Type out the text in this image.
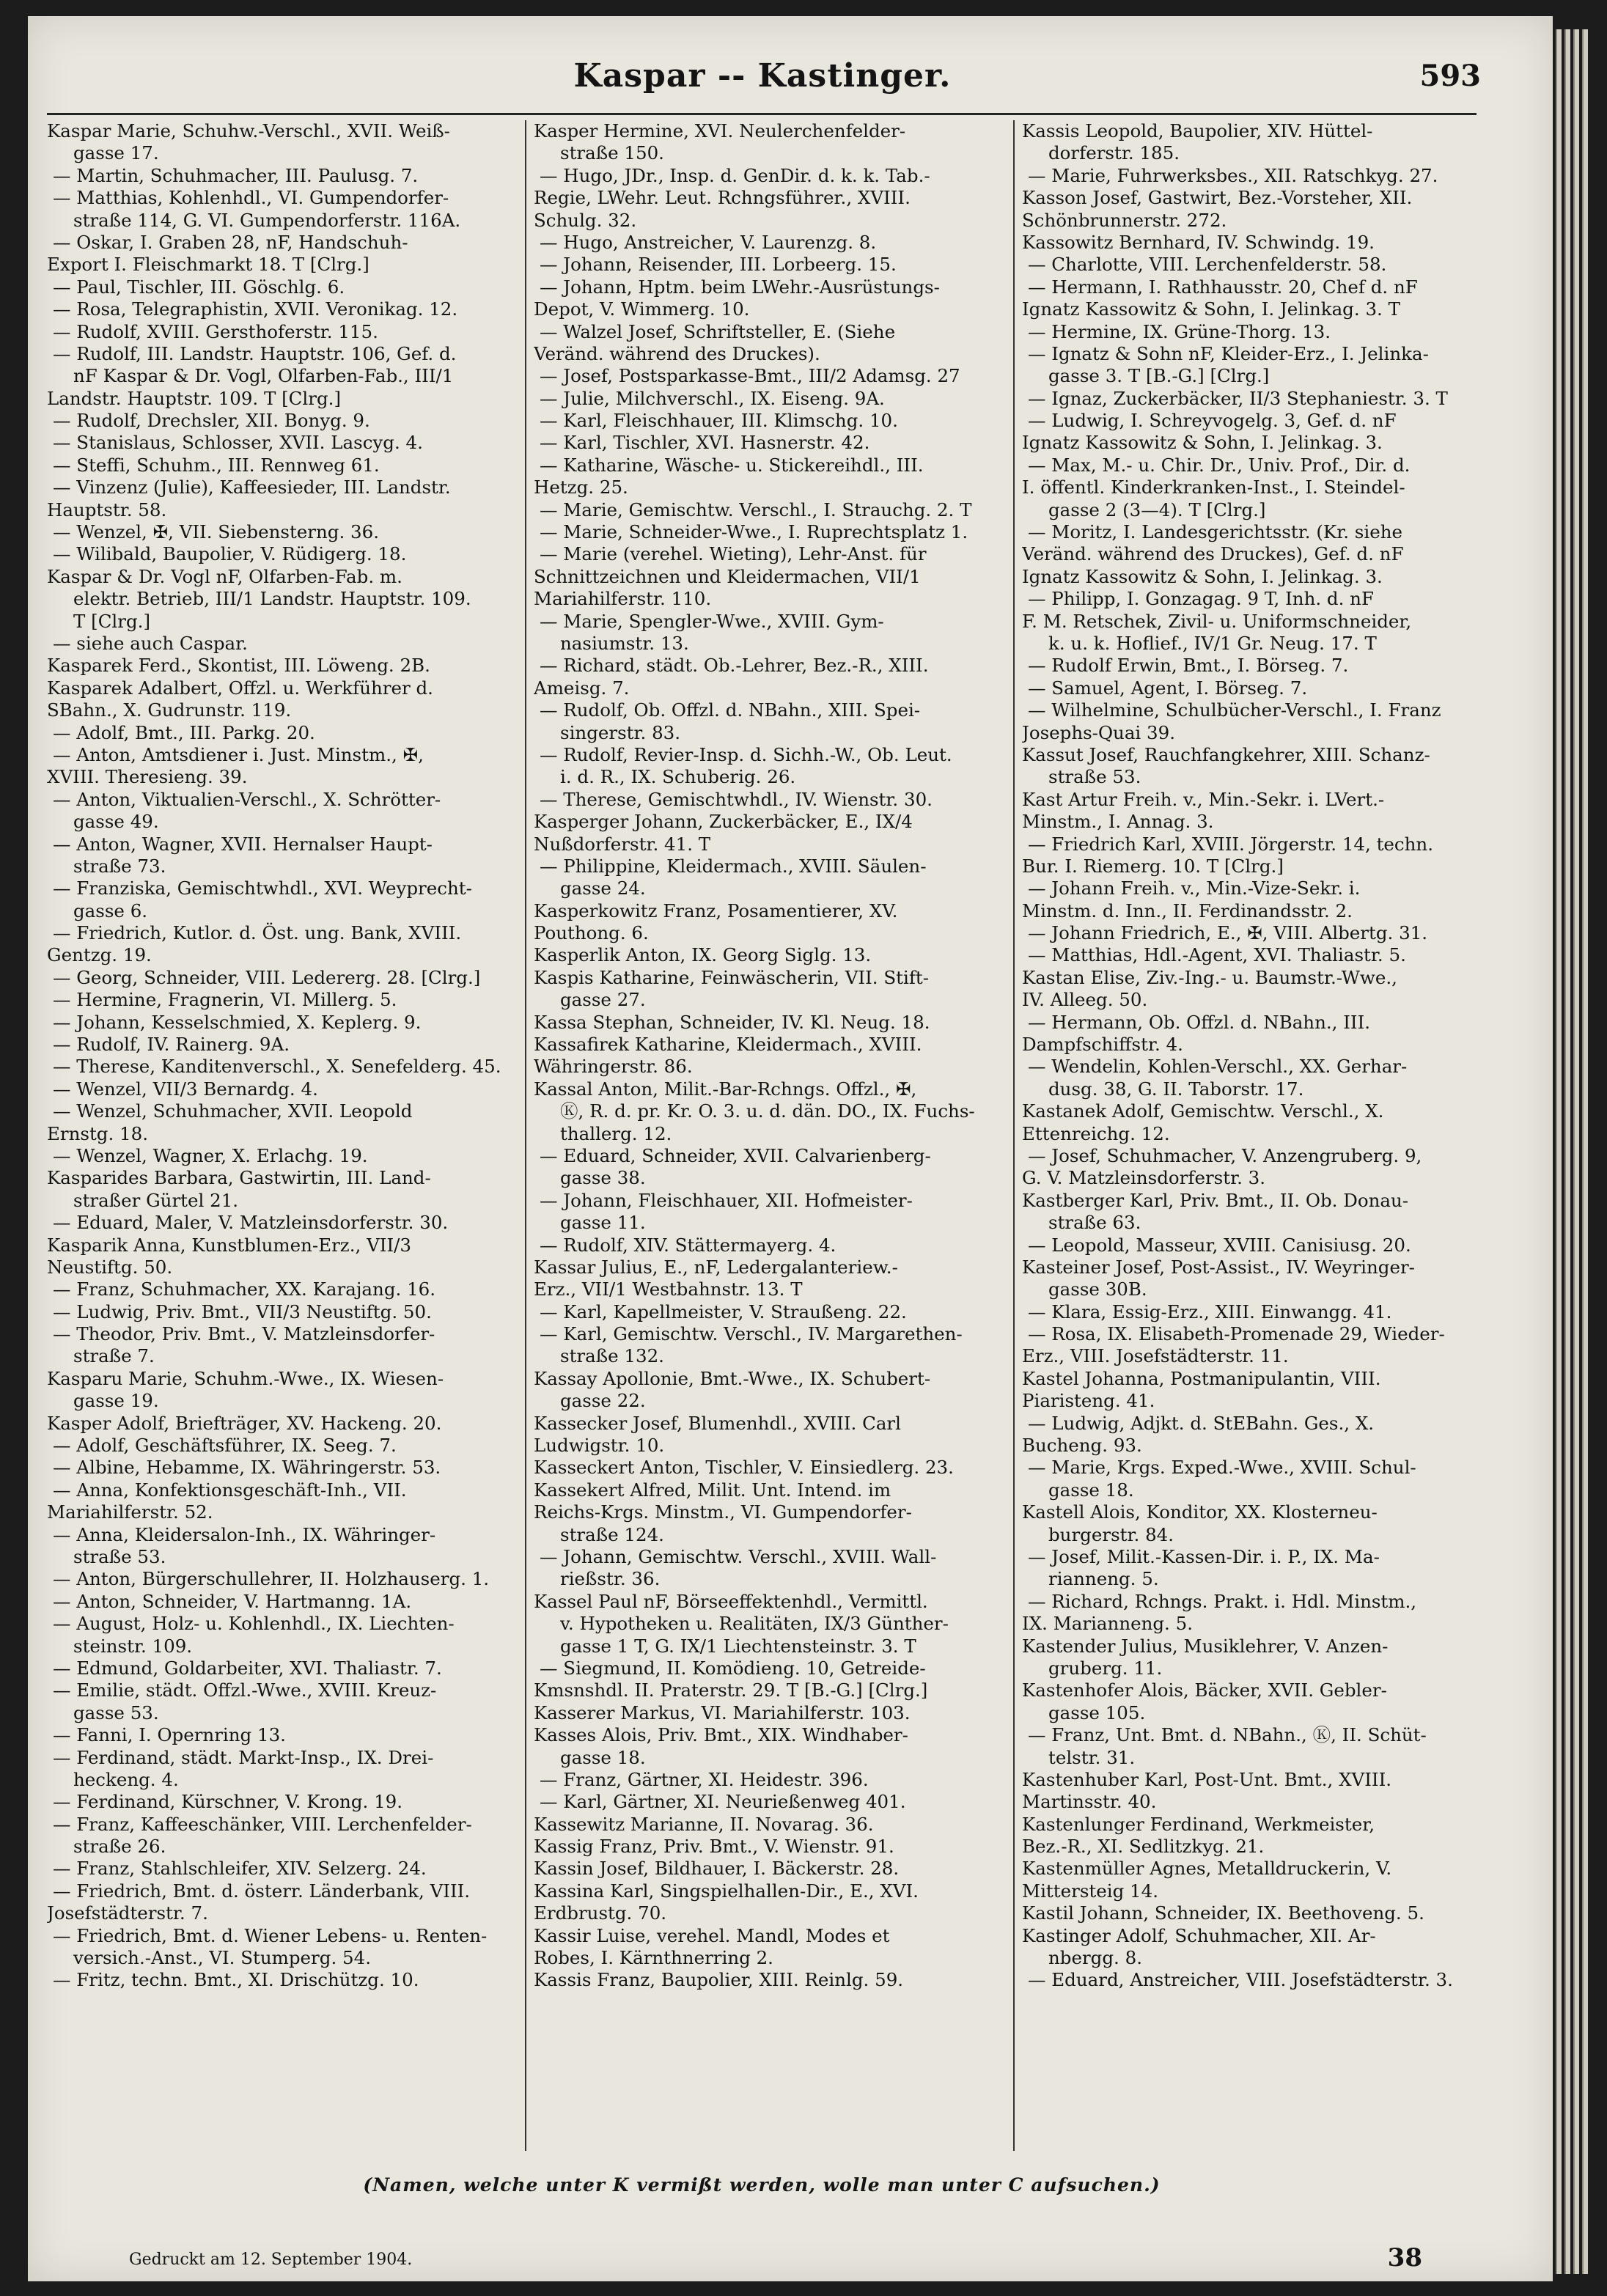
Kaspar -- Kastinger.	593
Kaspar Marie, Schuhw.-Verschl., XVII. Weiß-
gasse 17.
— Martin, Schuhmacher, III. Paulusg. 7.
— Matthias, Kohlenhdl., VI. Gumpendorfer-
straße 114, G. VI. Gumpendorferstr. 116A.
— Oskar, I. Graben 28, nF, Handschuh-
Export I. Fleischmarkt 18. T [Clrg.]
— Paul, Tischler, III. Göschlg. 6.
— Rosa, Telegraphistin, XVII. Veronikag. 12.
— Rudolf, XVIII. Gersthoferstr. 115.
— Rudolf, III. Landstr. Hauptstr. 106, Gef. d.
nF Kaspar & Dr. Vogl, Olfarben-Fab., III/1
Landstr. Hauptstr. 109. T [Clrg.]
— Rudolf, Drechsler, XII. Bonyg. 9.
— Stanislaus, Schlosser, XVII. Lascyg. 4.
— Steffi, Schuhm., III. Rennweg 61.
— Vinzenz (Julie), Kaffeesieder, III. Landstr.
Hauptstr. 58.
— Wenzel, ✠, VII. Siebensterng. 36.
— Wilibald, Baupolier, V. Rüdigerg. 18.
Kaspar & Dr. Vogl nF, Olfarben-Fab. m.
elektr. Betrieb, III/1 Landstr. Hauptstr. 109.
T [Clrg.]
— siehe auch Caspar.
Kasparek Ferd., Skontist, III. Löweng. 2B.
Kasparek Adalbert, Offzl. u. Werkführer d.
SBahn., X. Gudrunstr. 119.
— Adolf, Bmt., III. Parkg. 20.
— Anton, Amtsdiener i. Just. Minstm., ✠,
XVIII. Theresieng. 39.
— Anton, Viktualien-Verschl., X. Schrötter-
gasse 49.
— Anton, Wagner, XVII. Hernalser Haupt-
straße 73.
— Franziska, Gemischtwhdl., XVI. Weyprecht-
gasse 6.
— Friedrich, Kutlor. d. Öst. ung. Bank, XVIII.
Gentzg. 19.
— Georg, Schneider, VIII. Ledererg. 28. [Clrg.]
— Hermine, Fragnerin, VI. Millerg. 5.
— Johann, Kesselschmied, X. Keplerg. 9.
— Rudolf, IV. Rainerg. 9A.
— Therese, Kanditenverschl., X. Senefelderg. 45.
— Wenzel, VII/3 Bernardg. 4.
— Wenzel, Schuhmacher, XVII. Leopold
Ernstg. 18.
— Wenzel, Wagner, X. Erlachg. 19.
Kasparides Barbara, Gastwirtin, III. Land-
straßer Gürtel 21.
— Eduard, Maler, V. Matzleinsdorferstr. 30.
Kasparik Anna, Kunstblumen-Erz., VII/3
Neustiftg. 50.
— Franz, Schuhmacher, XX. Karajang. 16.
— Ludwig, Priv. Bmt., VII/3 Neustiftg. 50.
— Theodor, Priv. Bmt., V. Matzleinsdorfer-
straße 7.
Kasparu Marie, Schuhm.-Wwe., IX. Wiesen-
gasse 19.
Kasper Adolf, Briefträger, XV. Hackeng. 20.
— Adolf, Geschäftsführer, IX. Seeg. 7.
— Albine, Hebamme, IX. Währingerstr. 53.
— Anna, Konfektionsgeschäft-Inh., VII.
Mariahilferstr. 52.
— Anna, Kleidersalon-Inh., IX. Währinger-
straße 53.
— Anton, Bürgerschullehrer, II. Holzhauserg. 1.
— Anton, Schneider, V. Hartmanng. 1A.
— August, Holz- u. Kohlenhdl., IX. Liechten-
steinstr. 109.
— Edmund, Goldarbeiter, XVI. Thaliastr. 7.
— Emilie, städt. Offzl.-Wwe., XVIII. Kreuz-
gasse 53.
— Fanni, I. Opernring 13.
— Ferdinand, städt. Markt-Insp., IX. Drei-
heckeng. 4.
— Ferdinand, Kürschner, V. Krong. 19.
— Franz, Kaffeeschänker, VIII. Lerchenfelder-
straße 26.
— Franz, Stahlschleifer, XIV. Selzerg. 24.
— Friedrich, Bmt. d. österr. Länderbank, VIII.
Josefstädterstr. 7.
— Friedrich, Bmt. d. Wiener Lebens- u. Renten-
versich.-Anst., VI. Stumperg. 54.
— Fritz, techn. Bmt., XI. Drischützg. 10.
Kasper Hermine, XVI. Neulerchenfelder-
straße 150.
— Hugo, JDr., Insp. d. GenDir. d. k. k. Tab.-
Regie, LWehr. Leut. Rchngsführer., XVIII.
Schulg. 32.
— Hugo, Anstreicher, V. Laurenzg. 8.
— Johann, Reisender, III. Lorbeerg. 15.
— Johann, Hptm. beim LWehr.-Ausrüstungs-
Depot, V. Wimmerg. 10.
— Walzel Josef, Schriftsteller, E. (Siehe
Veränd. während des Druckes).
— Josef, Postsparkasse-Bmt., III/2 Adamsg. 27
— Julie, Milchverschl., IX. Eiseng. 9A.
— Karl, Fleischhauer, III. Klimschg. 10.
— Karl, Tischler, XVI. Hasnerstr. 42.
— Katharine, Wäsche- u. Stickereihdl., III.
Hetzg. 25.
— Marie, Gemischtw. Verschl., I. Strauchg. 2. T
— Marie, Schneider-Wwe., I. Ruprechtsplatz 1.
— Marie (verehel. Wieting), Lehr-Anst. für
Schnittzeichnen und Kleidermachen, VII/1
Mariahilferstr. 110.
— Marie, Spengler-Wwe., XVIII. Gym-
nasiumstr. 13.
— Richard, städt. Ob.-Lehrer, Bez.-R., XIII.
Ameisg. 7.
— Rudolf, Ob. Offzl. d. NBahn., XIII. Spei-
singerstr. 83.
— Rudolf, Revier-Insp. d. Sichh.-W., Ob. Leut.
i. d. R., IX. Schuberig. 26.
— Therese, Gemischtwhdl., IV. Wienstr. 30.
Kasperger Johann, Zuckerbäcker, E., IX/4
Nußdorferstr. 41. T
— Philippine, Kleidermach., XVIII. Säulen-
gasse 24.
Kasperkowitz Franz, Posamentierer, XV.
Pouthong. 6.
Kasperlik Anton, IX. Georg Siglg. 13.
Kaspis Katharine, Feinwäscherin, VII. Stift-
gasse 27.
Kassa Stephan, Schneider, IV. Kl. Neug. 18.
Kassafirek Katharine, Kleidermach., XVIII.
Währingerstr. 86.
Kassal Anton, Milit.-Bar-Rchngs. Offzl., ✠,
Ⓚ, R. d. pr. Kr. O. 3. u. d. dän. DO., IX. Fuchs-
thallerg. 12.
— Eduard, Schneider, XVII. Calvarienberg-
gasse 38.
— Johann, Fleischhauer, XII. Hofmeister-
gasse 11.
— Rudolf, XIV. Stättermayerg. 4.
Kassar Julius, E., nF, Ledergalanteriew.-
Erz., VII/1 Westbahnstr. 13. T
— Karl, Kapellmeister, V. Straußeng. 22.
— Karl, Gemischtw. Verschl., IV. Margarethen-
straße 132.
Kassay Apollonie, Bmt.-Wwe., IX. Schubert-
gasse 22.
Kassecker Josef, Blumenhdl., XVIII. Carl
Ludwigstr. 10.
Kasseckert Anton, Tischler, V. Einsiedlerg. 23.
Kassekert Alfred, Milit. Unt. Intend. im
Reichs-Krgs. Minstm., VI. Gumpendorfer-
straße 124.
— Johann, Gemischtw. Verschl., XVIII. Wall-
rießstr. 36.
Kassel Paul nF, Börseeffektenhdl., Vermittl.
v. Hypotheken u. Realitäten, IX/3 Günther-
gasse 1 T, G. IX/1 Liechtensteinstr. 3. T
— Siegmund, II. Komödieng. 10, Getreide-
Kmsnshdl. II. Praterstr. 29. T [B.-G.] [Clrg.]
Kasserer Markus, VI. Mariahilferstr. 103.
Kasses Alois, Priv. Bmt., XIX. Windhaber-
gasse 18.
— Franz, Gärtner, XI. Heidestr. 396.
— Karl, Gärtner, XI. Neurießenweg 401.
Kassewitz Marianne, II. Novarag. 36.
Kassig Franz, Priv. Bmt., V. Wienstr. 91.
Kassin Josef, Bildhauer, I. Bäckerstr. 28.
Kassina Karl, Singspielhallen-Dir., E., XVI.
Erdbrustg. 70.
Kassir Luise, verehel. Mandl, Modes et
Robes, I. Kärnthnerring 2.
Kassis Franz, Baupolier, XIII. Reinlg. 59.
Kassis Leopold, Baupolier, XIV. Hüttel-
dorferstr. 185.
— Marie, Fuhrwerksbes., XII. Ratschkyg. 27.
Kasson Josef, Gastwirt, Bez.-Vorsteher, XII.
Schönbrunnerstr. 272.
Kassowitz Bernhard, IV. Schwindg. 19.
— Charlotte, VIII. Lerchenfelderstr. 58.
— Hermann, I. Rathhausstr. 20, Chef d. nF
Ignatz Kassowitz & Sohn, I. Jelinkag. 3. T
— Hermine, IX. Grüne-Thorg. 13.
— Ignatz & Sohn nF, Kleider-Erz., I. Jelinka-
gasse 3. T [B.-G.] [Clrg.]
— Ignaz, Zuckerbäcker, II/3 Stephaniestr. 3. T
— Ludwig, I. Schreyvogelg. 3, Gef. d. nF
Ignatz Kassowitz & Sohn, I. Jelinkag. 3.
— Max, M.- u. Chir. Dr., Univ. Prof., Dir. d.
I. öffentl. Kinderkranken-Inst., I. Steindel-
gasse 2 (3—4). T [Clrg.]
— Moritz, I. Landesgerichtsstr. (Kr. siehe
Veränd. während des Druckes), Gef. d. nF
Ignatz Kassowitz & Sohn, I. Jelinkag. 3.
— Philipp, I. Gonzagag. 9 T, Inh. d. nF
F. M. Retschek, Zivil- u. Uniformschneider,
k. u. k. Hoflief., IV/1 Gr. Neug. 17. T
— Rudolf Erwin, Bmt., I. Börseg. 7.
— Samuel, Agent, I. Börseg. 7.
— Wilhelmine, Schulbücher-Verschl., I. Franz
Josephs-Quai 39.
Kassut Josef, Rauchfangkehrer, XIII. Schanz-
straße 53.
Kast Artur Freih. v., Min.-Sekr. i. LVert.-
Minstm., I. Annag. 3.
— Friedrich Karl, XVIII. Jörgerstr. 14, techn.
Bur. I. Riemerg. 10. T [Clrg.]
— Johann Freih. v., Min.-Vize-Sekr. i.
Minstm. d. Inn., II. Ferdinandsstr. 2.
— Johann Friedrich, E., ✠, VIII. Albertg. 31.
— Matthias, Hdl.-Agent, XVI. Thaliastr. 5.
Kastan Elise, Ziv.-Ing.- u. Baumstr.-Wwe.,
IV. Alleeg. 50.
— Hermann, Ob. Offzl. d. NBahn., III.
Dampfschiffstr. 4.
— Wendelin, Kohlen-Verschl., XX. Gerhar-
dusg. 38, G. II. Taborstr. 17.
Kastanek Adolf, Gemischtw. Verschl., X.
Ettenreichg. 12.
— Josef, Schuhmacher, V. Anzengruberg. 9,
G. V. Matzleinsdorferstr. 3.
Kastberger Karl, Priv. Bmt., II. Ob. Donau-
straße 63.
— Leopold, Masseur, XVIII. Canisiusg. 20.
Kasteiner Josef, Post-Assist., IV. Weyringer-
gasse 30B.
— Klara, Essig-Erz., XIII. Einwangg. 41.
— Rosa, IX. Elisabeth-Promenade 29, Wieder-
Erz., VIII. Josefstädterstr. 11.
Kastel Johanna, Postmanipulantin, VIII.
Piaristeng. 41.
— Ludwig, Adjkt. d. StEBahn. Ges., X.
Bucheng. 93.
— Marie, Krgs. Exped.-Wwe., XVIII. Schul-
gasse 18.
Kastell Alois, Konditor, XX. Klosterneu-
burgerstr. 84.
— Josef, Milit.-Kassen-Dir. i. P., IX. Ma-
rianneng. 5.
— Richard, Rchngs. Prakt. i. Hdl. Minstm.,
IX. Marianneng. 5.
Kastender Julius, Musiklehrer, V. Anzen-
gruberg. 11.
Kastenhofer Alois, Bäcker, XVII. Gebler-
gasse 105.
— Franz, Unt. Bmt. d. NBahn., Ⓚ, II. Schüt-
telstr. 31.
Kastenhuber Karl, Post-Unt. Bmt., XVIII.
Martinsstr. 40.
Kastenlunger Ferdinand, Werkmeister,
Bez.-R., XI. Sedlitzkyg. 21.
Kastenmüller Agnes, Metalldruckerin, V.
Mittersteig 14.
Kastil Johann, Schneider, IX. Beethoveng. 5.
Kastinger Adolf, Schuhmacher, XII. Ar-
nbergg. 8.
— Eduard, Anstreicher, VIII. Josefstädterstr. 3.
(Namen, welche unter K vermißt werden, wolle man unter C aufsuchen.)
Gedruckt am 12. September 1904.	38
